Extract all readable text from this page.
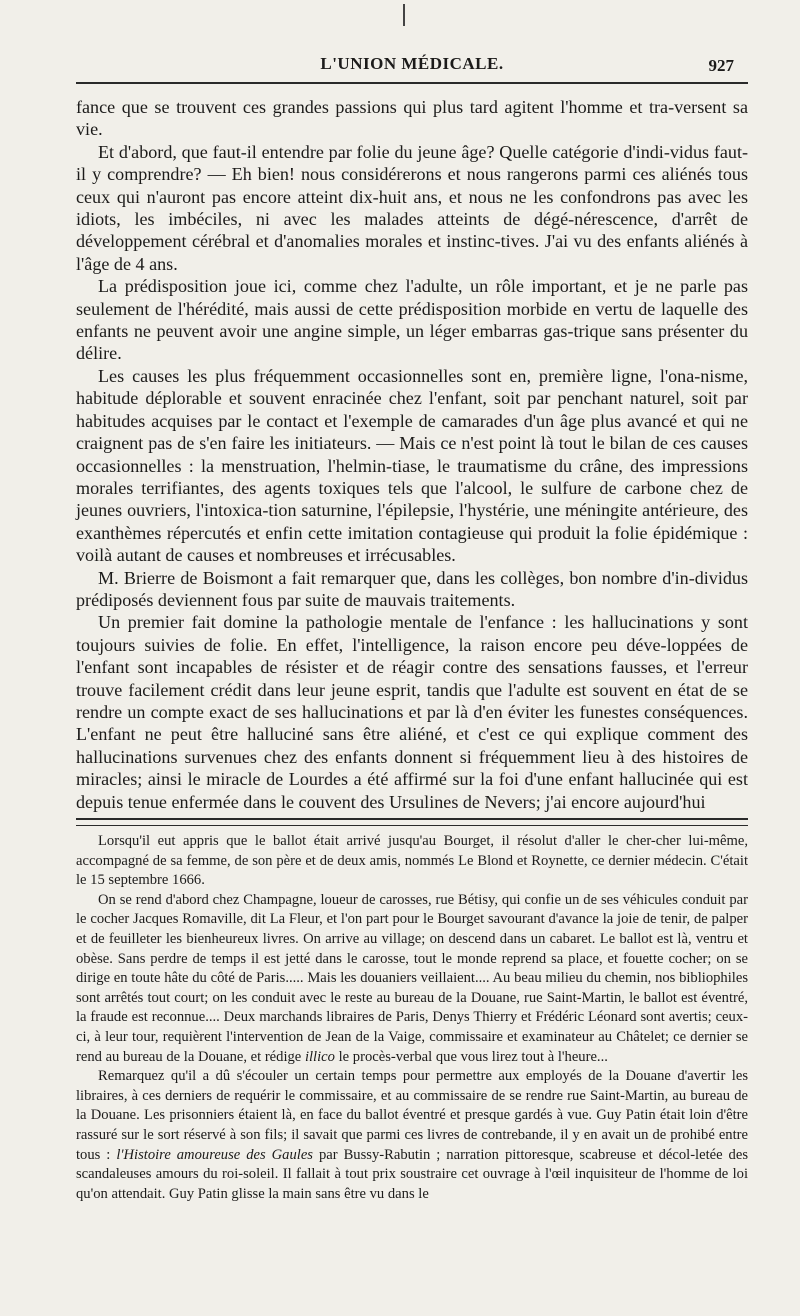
L'UNION MÉDICALE.	927

fance que se trouvent ces grandes passions qui plus tard agitent l'homme et tra-versent sa vie.

Et d'abord, que faut-il entendre par folie du jeune âge? Quelle catégorie d'indi-vidus faut-il y comprendre? — Eh bien! nous considérerons et nous rangerons parmi ces aliénés tous ceux qui n'auront pas encore atteint dix-huit ans, et nous ne les confondrons pas avec les idiots, les imbéciles, ni avec les malades atteints de dégé-nérescence, d'arrêt de développement cérébral et d'anomalies morales et instinc-tives. J'ai vu des enfants aliénés à l'âge de 4 ans.

La prédisposition joue ici, comme chez l'adulte, un rôle important, et je ne parle pas seulement de l'hérédité, mais aussi de cette prédisposition morbide en vertu de laquelle des enfants ne peuvent avoir une angine simple, un léger embarras gas-trique sans présenter du délire.

Les causes les plus fréquemment occasionnelles sont en, première ligne, l'ona-nisme, habitude déplorable et souvent enracinée chez l'enfant, soit par penchant naturel, soit par habitudes acquises par le contact et l'exemple de camarades d'un âge plus avancé et qui ne craignent pas de s'en faire les initiateurs. — Mais ce n'est point là tout le bilan de ces causes occasionnelles : la menstruation, l'helmin-tiase, le traumatisme du crâne, des impressions morales terrifiantes, des agents toxiques tels que l'alcool, le sulfure de carbone chez de jeunes ouvriers, l'intoxica-tion saturnine, l'épilepsie, l'hystérie, une méningite antérieure, des exanthèmes répercutés et enfin cette imitation contagieuse qui produit la folie épidémique : voilà autant de causes et nombreuses et irrécusables.

M. Brierre de Boismont a fait remarquer que, dans les collèges, bon nombre d'in-dividus prédiposés deviennent fous par suite de mauvais traitements.

Un premier fait domine la pathologie mentale de l'enfance : les hallucinations y sont toujours suivies de folie. En effet, l'intelligence, la raison encore peu déve-loppées de l'enfant sont incapables de résister et de réagir contre des sensations fausses, et l'erreur trouve facilement crédit dans leur jeune esprit, tandis que l'adulte est souvent en état de se rendre un compte exact de ses hallucinations et par là d'en éviter les funestes conséquences. L'enfant ne peut être halluciné sans être aliéné, et c'est ce qui explique comment des hallucinations survenues chez des enfants donnent si fréquemment lieu à des histoires de miracles; ainsi le miracle de Lourdes a été affirmé sur la foi d'une enfant hallucinée qui est depuis tenue enfermée dans le couvent des Ursulines de Nevers; j'ai encore aujourd'hui

Lorsqu'il eut appris que le ballot était arrivé jusqu'au Bourget, il résolut d'aller le cher-cher lui-même, accompagné de sa femme, de son père et de deux amis, nommés Le Blond et Roynette, ce dernier médecin. C'était le 15 septembre 1666.

On se rend d'abord chez Champagne, loueur de carosses, rue Bétisy, qui confie un de ses véhicules conduit par le cocher Jacques Romaville, dit La Fleur, et l'on part pour le Bourget savourant d'avance la joie de tenir, de palper et de feuilleter les bienheureux livres. On arrive au village; on descend dans un cabaret. Le ballot est là, ventru et obèse. Sans perdre de temps il est jetté dans le carosse, tout le monde reprend sa place, et fouette cocher; on se dirige en toute hâte du côté de Paris..... Mais les douaniers veillaient.... Au beau milieu du chemin, nos bibliophiles sont arrêtés tout court; on les conduit avec le reste au bureau de la Douane, rue Saint-Martin, le ballot est éventré, la fraude est reconnue.... Deux marchands libraires de Paris, Denys Thierry et Frédéric Léonard sont avertis; ceux-ci, à leur tour, requièrent l'intervention de Jean de la Vaige, commissaire et examinateur au Châtelet; ce dernier se rend au bureau de la Douane, et rédige illico le procès-verbal que vous lirez tout à l'heure...

Remarquez qu'il a dû s'écouler un certain temps pour permettre aux employés de la Douane d'avertir les libraires, à ces derniers de requérir le commissaire, et au commissaire de se rendre rue Saint-Martin, au bureau de la Douane. Les prisonniers étaient là, en face du ballot éventré et presque gardés à vue. Guy Patin était loin d'être rassuré sur le sort réservé à son fils; il savait que parmi ces livres de contrebande, il y en avait un de prohibé entre tous : l'Histoire amoureuse des Gaules par Bussy-Rabutin ; narration pittoresque, scabreuse et décol-letée des scandaleuses amours du roi-soleil. Il fallait à tout prix soustraire cet ouvrage à l'œil inquisiteur de l'homme de loi qu'on attendait. Guy Patin glisse la main sans être vu dans le
